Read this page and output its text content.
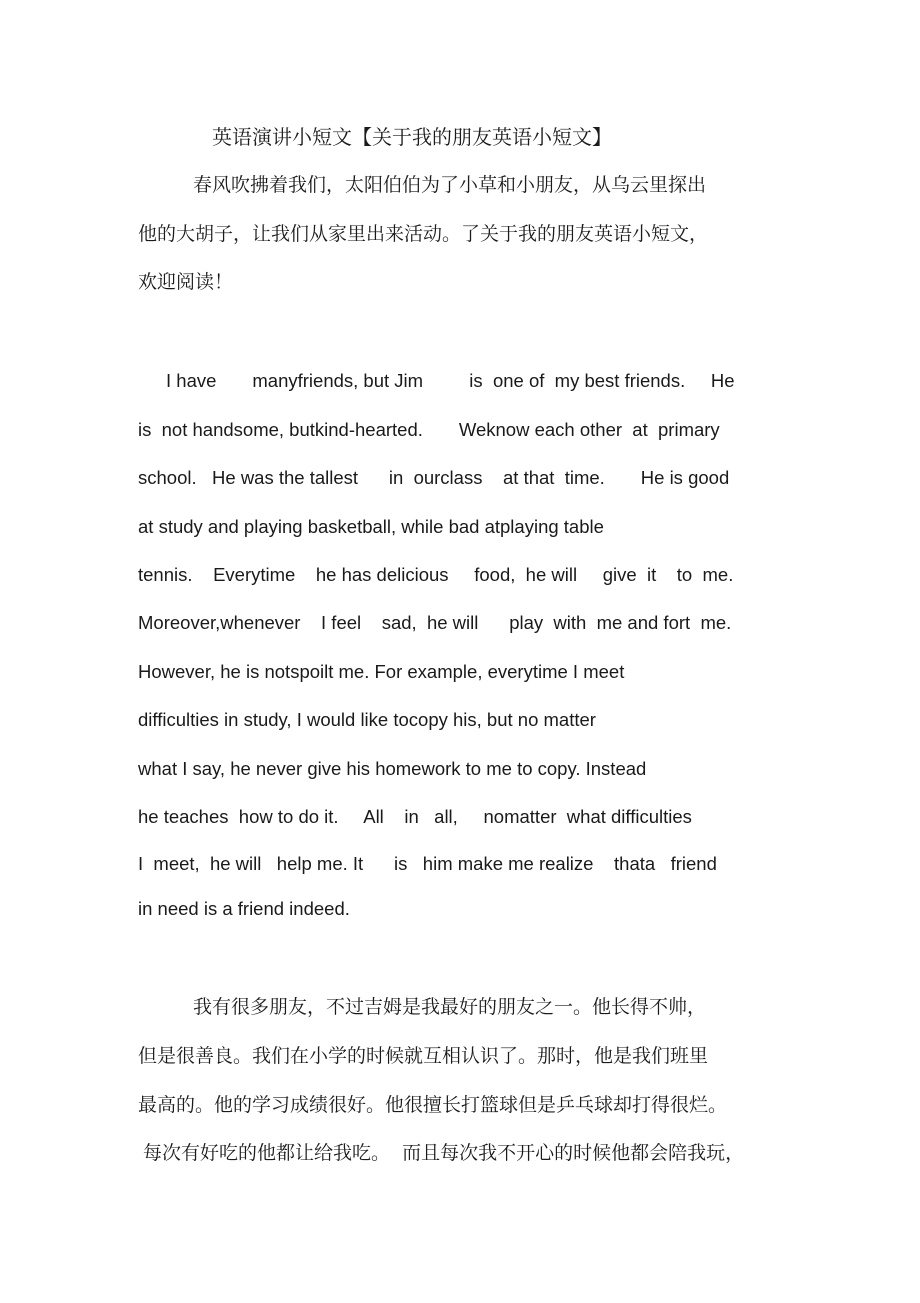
英语演讲小短文【关于我的朋友英语小短文】
春风吹拂着我们，太阳伯伯为了小草和小朋友，从乌云里探出
他的大胡子，让我们从家里出来活动。了关于我的朋友英语小短文，
欢迎阅读！
I have       manyfriends, but Jim         is  one of  my best friends.     He
is  not handsome, butkind-hearted.       Weknow each other  at  primary
school.   He was the tallest      in  ourclass    at that  time.       He is good
at study and playing basketball, while bad atplaying table
tennis.    Everytime    he has delicious     food,  he will     give  it    to  me.
Moreover,whenever    I feel    sad,  he will      play  with  me and fort  me.
However, he is notspoilt me. For example, everytime I meet
difficulties in study, I would like tocopy his, but no matter
what I say, he never give his homework to me to copy. Instead
he teaches  how to do it.     All    in   all,     nomatter  what difficulties
I  meet,  he will   help me. It      is   him make me realize    thata   friend
in need is a friend indeed.
我有很多朋友，不过吉姆是我最好的朋友之一。他长得不帅，
但是很善良。我们在小学的时候就互相认识了。那时，他是我们班里
最高的。他的学习成绩很好。他很擅长打篮球但是乒乓球却打得很烂。
每次有好吃的他都让给我吃。  而且每次我不开心的时候他都会陪我玩，
